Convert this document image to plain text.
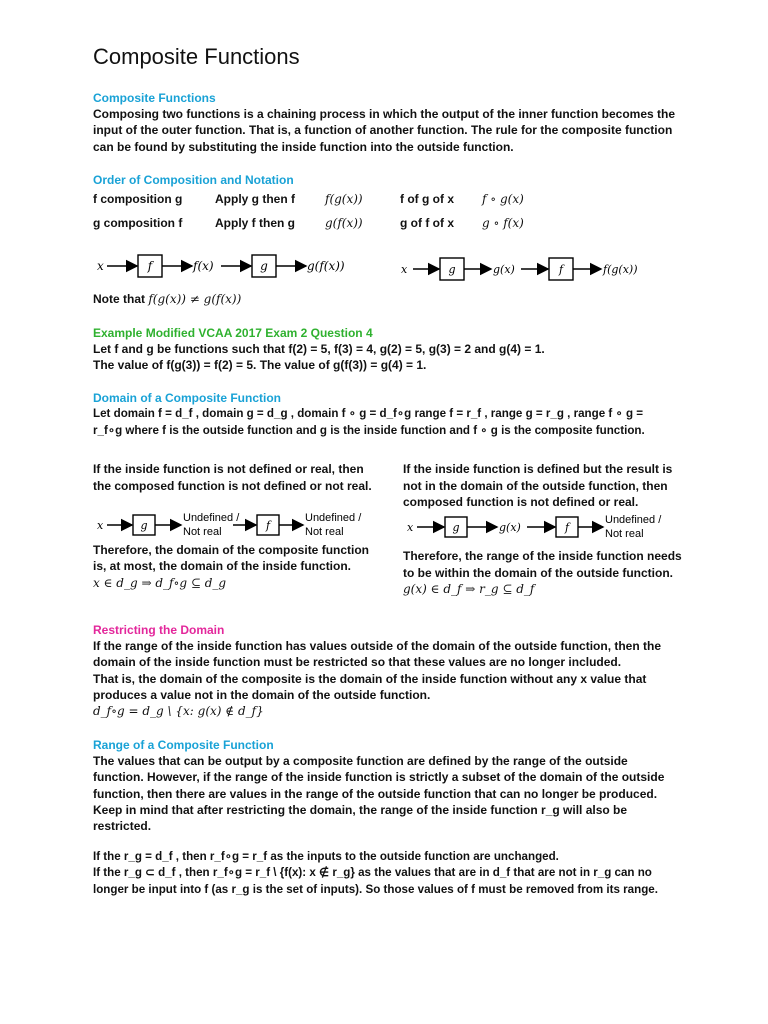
Composite Functions
Composite Functions
Composing two functions is a chaining process in which the output of the inner function becomes the
input of the outer function. That is, a function of another function. The rule for the composite function
can be found by substituting the inside function into the outside function.
Order of Composition and Notation
f composition g	Apply g then f	f(g(x))	f of g of x	f ∘ g(x)
g composition f	Apply f then g	g(f(x))	g of f of x	g ∘ f(x)
x	f	f(x)	g	g(f(x))	x	g	g(x)	f	f(g(x))
Note that f(g(x)) ≠ g(f(x))
Example Modified VCAA 2017 Exam 2 Question 4
Let f and g be functions such that f(2) = 5, f(3) = 4, g(2) = 5, g(3) = 2 and g(4) = 1.
The value of f(g(3)) = f(2) = 5. The value of g(f(3)) = g(4) = 1.
Domain of a Composite Function
Let domain f = d_f , domain g = d_g , domain f ∘ g = d_f∘g range f = r_f , range g = r_g , range f ∘ g =
r_f∘g where f is the outside function and g is the inside function and f ∘ g is the composite function.
If the inside function is not defined or real, then
the composed function is not defined or not real.
x	g
Undefined /
Not real	f
Undefined /
Not real
Therefore, the domain of the composite function
is, at most, the domain of the inside function.
x ∈ d_g ⇒ d_f∘g ⊆ d_g
If the inside function is defined but the result is
not in the domain of the outside function, then
composed function is not defined or real.
x	g	g(x)	f
Undefined /
Not real
Therefore, the range of the inside function needs
to be within the domain of the outside function.
g(x) ∈ d_f ⇒ r_g ⊆ d_f
Restricting the Domain
If the range of the inside function has values outside of the domain of the outside function, then the
domain of the inside function must be restricted so that these values are no longer included.
That is, the domain of the composite is the domain of the inside function without any x value that
produces a value not in the domain of the outside function.
d_f∘g = d_g \ {x: g(x) ∉ d_f}
Range of a Composite Function
The values that can be output by a composite function are defined by the range of the outside
function. However, if the range of the inside function is strictly a subset of the domain of the outside
function, then there are values in the range of the outside function that can no longer be produced.
Keep in mind that after restricting the domain, the range of the inside function r_g will also be
restricted.
If the r_g = d_f , then r_f∘g = r_f as the inputs to the outside function are unchanged.
If the r_g ⊂ d_f , then r_f∘g = r_f \ {f(x): x ∉ r_g} as the values that are in d_f that are not in r_g can no
longer be input into f (as r_g is the set of inputs). So those values of f must be removed from its range.
